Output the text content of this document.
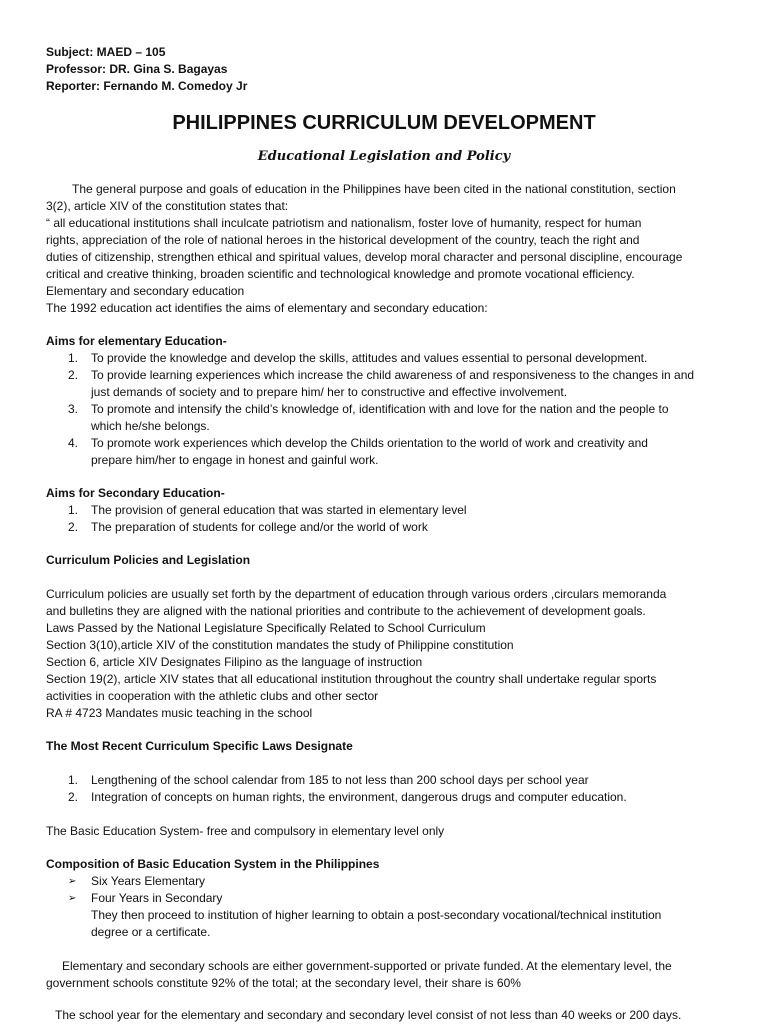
Subject: MAED – 105
Professor: DR. Gina S. Bagayas
Reporter: Fernando M. Comedoy Jr
PHILIPPINES CURRICULUM DEVELOPMENT
Educational Legislation and Policy
The general purpose and goals of education in the Philippines have been cited in the national constitution, section
3(2), article XIV of the constitution states that:
“ all educational institutions shall inculcate patriotism and nationalism, foster love of humanity, respect for human
rights, appreciation of the role of national heroes in the historical development of the country, teach the right and
duties of citizenship, strengthen ethical and spiritual values, develop moral character and personal discipline, encourage
critical and creative thinking, broaden scientific and technological knowledge and promote vocational efficiency.
Elementary and secondary education
The 1992 education act identifies the aims of elementary and secondary education:
Aims for elementary Education-
1. To provide the knowledge and develop the skills, attitudes and values essential to personal development.
2. To provide learning experiences which increase the child awareness of and responsiveness to the changes in and
just demands of society and to prepare him/ her to constructive and effective involvement.
3. To promote and intensify the child’s knowledge of, identification with and love for the nation and the people to
which he/she belongs.
4. To promote work experiences which develop the Childs orientation to the world of work and creativity and
prepare him/her to engage in honest and gainful work.
Aims for Secondary Education-
1. The provision of general education that was started in elementary level
2. The preparation of students for college and/or the world of work
Curriculum Policies and Legislation
Curriculum policies are usually set forth by the department of education through various orders ,circulars memoranda
and bulletins they are aligned with the national priorities and contribute to the achievement of development goals.
Laws Passed by the National Legislature Specifically Related to School Curriculum
Section 3(10),article XIV of the constitution mandates the study of Philippine constitution
Section 6, article XIV Designates Filipino as the language of instruction
Section 19(2), article XIV states that all educational institution throughout the country shall undertake regular sports
activities in cooperation with the athletic clubs and other sector
RA # 4723 Mandates music teaching in the school
The Most Recent Curriculum Specific Laws Designate
1. Lengthening of the school calendar from 185 to not less than 200 school days per school year
2. Integration of concepts on human rights, the environment, dangerous drugs and computer education.
The Basic Education System- free and compulsory in elementary level only
Composition of Basic Education System in the Philippines
➢ Six Years Elementary
➢ Four Years in Secondary
They then proceed to institution of higher learning to obtain a post-secondary vocational/technical institution
degree or a certificate.
Elementary and secondary schools are either government-supported or private funded. At the elementary level, the
government schools constitute 92% of the total; at the secondary level, their share is 60%
The school year for the elementary and secondary and secondary level consist of not less than 40 weeks or 200 days.
